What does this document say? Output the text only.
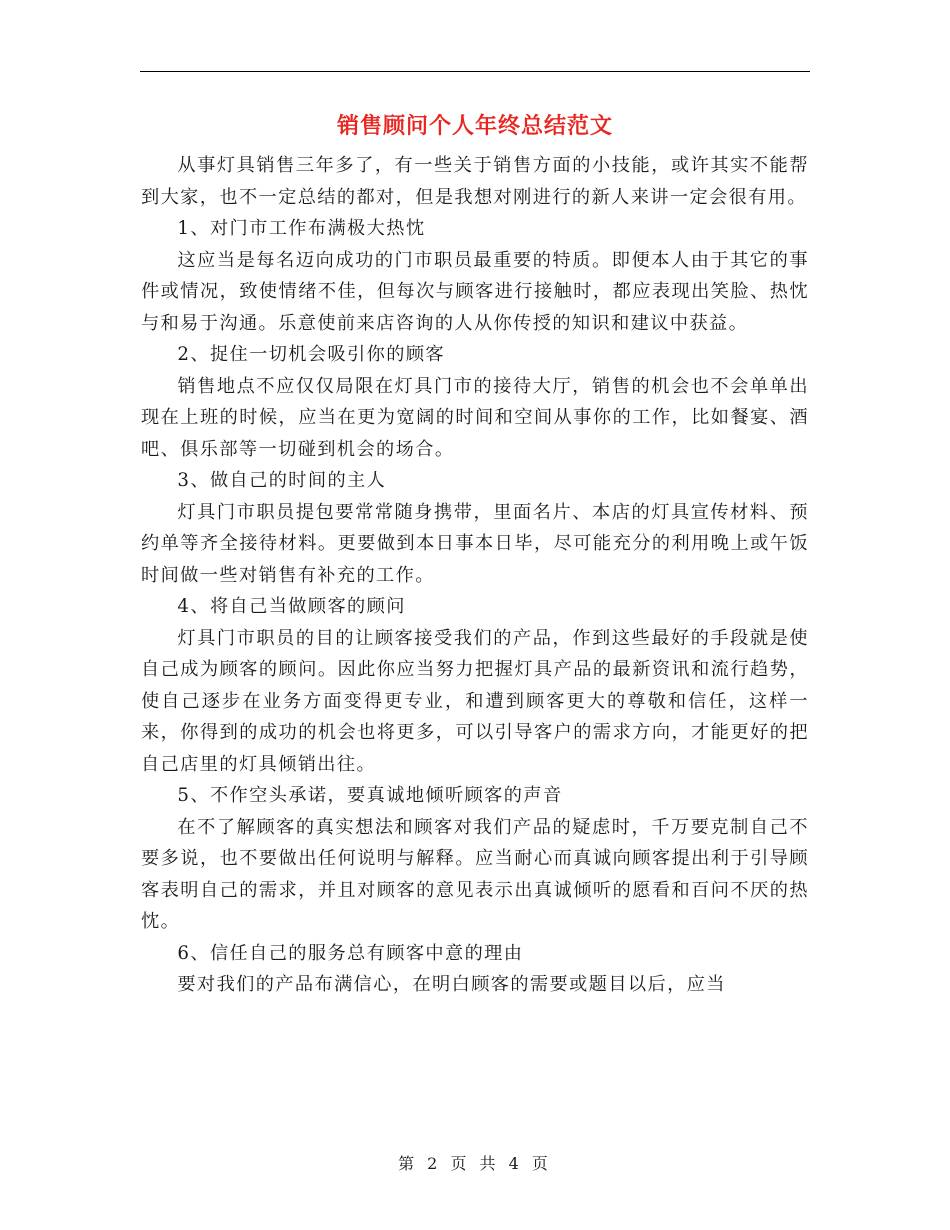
销售顾问个人年终总结范文

从事灯具销售三年多了，有一些关于销售方面的小技能，或许其实不能帮到大家，也不一定总结的都对，但是我想对刚进行的新人来讲一定会很有用。

1、对门市工作布满极大热忱

这应当是每名迈向成功的门市职员最重要的特质。即便本人由于其它的事件或情况，致使情绪不佳，但每次与顾客进行接触时，都应表现出笑脸、热忱与和易于沟通。乐意使前来店咨询的人从你传授的知识和建议中获益。

2、捉住一切机会吸引你的顾客

销售地点不应仅仅局限在灯具门市的接待大厅，销售的机会也不会单单出现在上班的时候，应当在更为宽阔的时间和空间从事你的工作，比如餐宴、酒吧、俱乐部等一切碰到机会的场合。

3、做自己的时间的主人

灯具门市职员提包要常常随身携带，里面名片、本店的灯具宣传材料、预约单等齐全接待材料。更要做到本日事本日毕，尽可能充分的利用晚上或午饭时间做一些对销售有补充的工作。

4、将自己当做顾客的顾问

灯具门市职员的目的让顾客接受我们的产品，作到这些最好的手段就是使自己成为顾客的顾问。因此你应当努力把握灯具产品的最新资讯和流行趋势，使自己逐步在业务方面变得更专业，和遭到顾客更大的尊敬和信任，这样一来，你得到的成功的机会也将更多，可以引导客户的需求方向，才能更好的把自己店里的灯具倾销出往。

5、不作空头承诺，要真诚地倾听顾客的声音

在不了解顾客的真实想法和顾客对我们产品的疑虑时，千万要克制自己不要多说，也不要做出任何说明与解释。应当耐心而真诚向顾客提出利于引导顾客表明自己的需求，并且对顾客的意见表示出真诚倾听的愿看和百问不厌的热忱。

6、信任自己的服务总有顾客中意的理由

要对我们的产品布满信心，在明白顾客的需要或题目以后，应当

第 2 页 共 4 页
